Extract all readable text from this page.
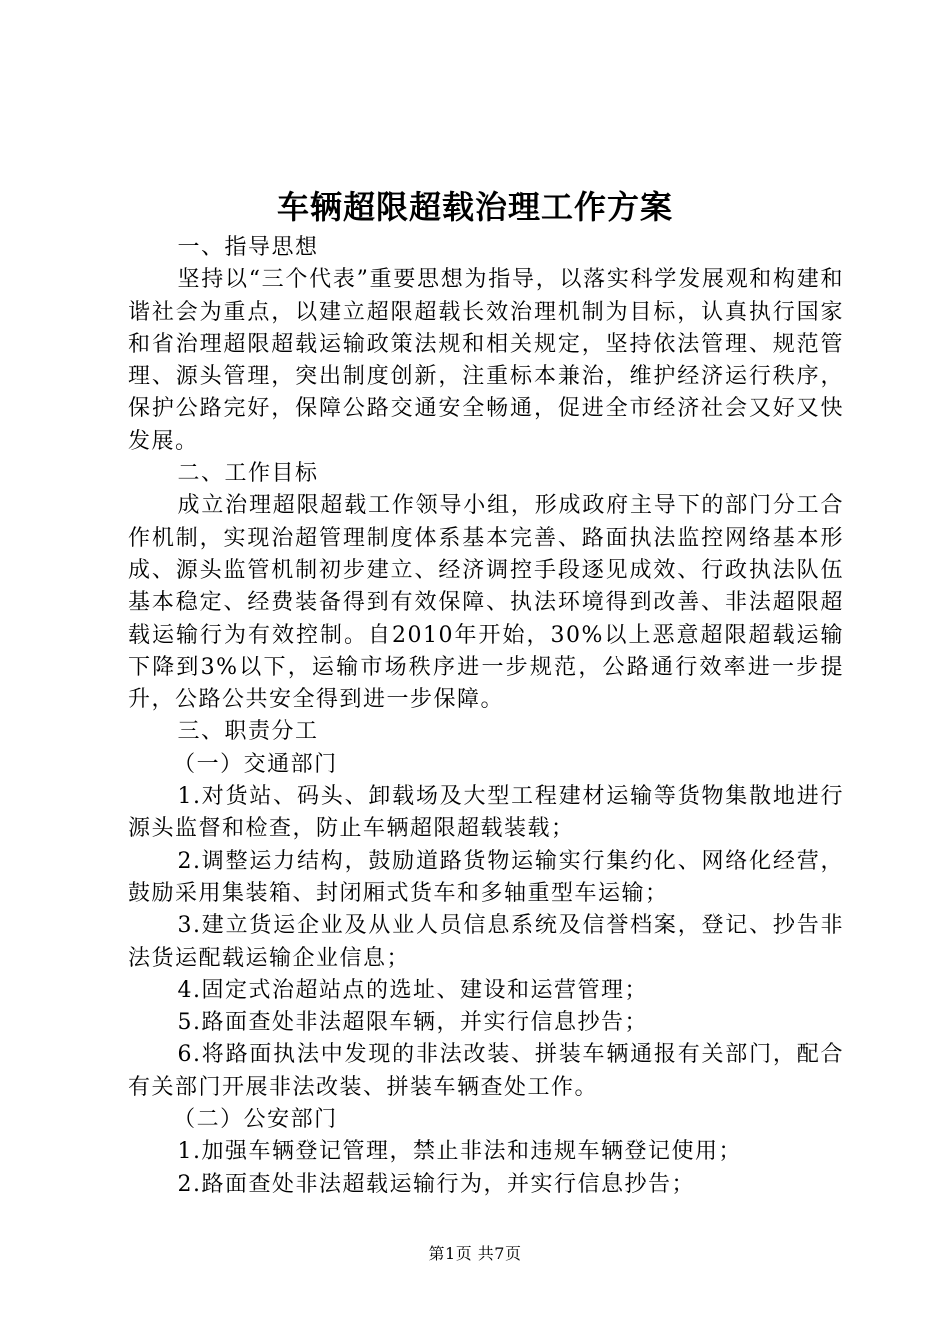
车辆超限超载治理工作方案

一、指导思想

坚持以“三个代表”重要思想为指导，以落实科学发展观和构建和谐社会为重点，以建立超限超载长效治理机制为目标，认真执行国家和省治理超限超载运输政策法规和相关规定，坚持依法管理、规范管理、源头管理，突出制度创新，注重标本兼治，维护经济运行秩序，保护公路完好，保障公路交通安全畅通，促进全市经济社会又好又快发展。

二、工作目标

成立治理超限超载工作领导小组，形成政府主导下的部门分工合作机制，实现治超管理制度体系基本完善、路面执法监控网络基本形成、源头监管机制初步建立、经济调控手段逐见成效、行政执法队伍基本稳定、经费装备得到有效保障、执法环境得到改善、非法超限超载运输行为有效控制。自2010年开始，30%以上恶意超限超载运输下降到3%以下，运输市场秩序进一步规范，公路通行效率进一步提升，公路公共安全得到进一步保障。

三、职责分工

（一）交通部门

1.对货站、码头、卸载场及大型工程建材运输等货物集散地进行源头监督和检查，防止车辆超限超载装载；

2.调整运力结构，鼓励道路货物运输实行集约化、网络化经营，鼓励采用集装箱、封闭厢式货车和多轴重型车运输；

3.建立货运企业及从业人员信息系统及信誉档案，登记、抄告非法货运配载运输企业信息；

4.固定式治超站点的选址、建设和运营管理；

5.路面查处非法超限车辆，并实行信息抄告；

6.将路面执法中发现的非法改装、拼装车辆通报有关部门，配合有关部门开展非法改装、拼装车辆查处工作。

（二）公安部门

1.加强车辆登记管理，禁止非法和违规车辆登记使用；

2.路面查处非法超载运输行为，并实行信息抄告；

第1页 共7页
